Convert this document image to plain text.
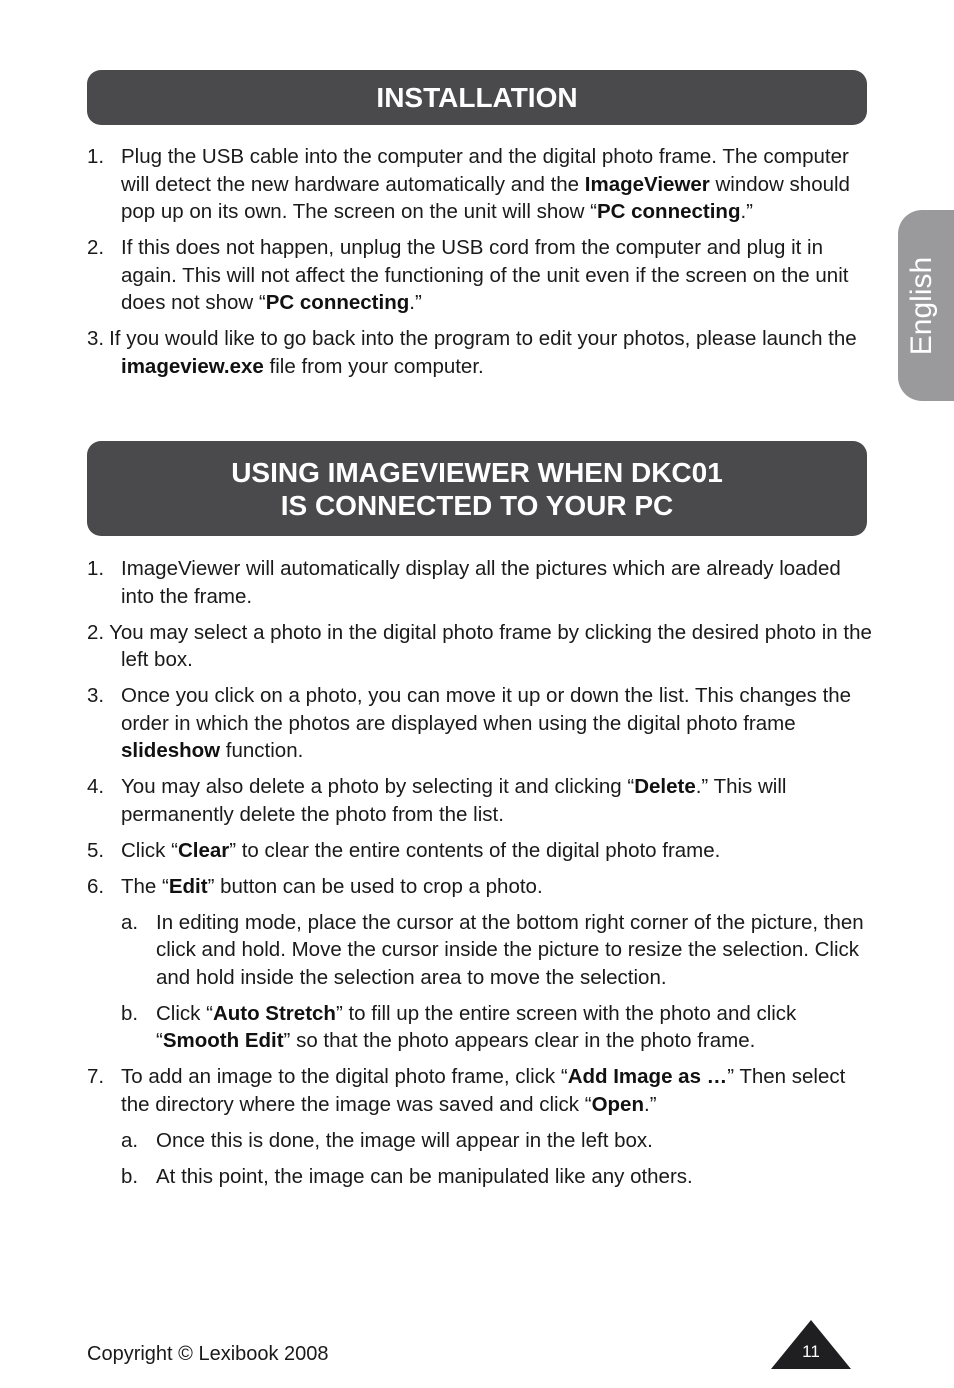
INSTALLATION
1. Plug the USB cable into the computer and the digital photo frame. The computer will detect the new hardware automatically and the ImageViewer window should pop up on its own. The screen on the unit will show “PC connecting.”
2. If this does not happen, unplug the USB cord from the computer and plug it in again. This will not affect the functioning of the unit even if the screen on the unit does not show “PC connecting.”
3. If you would like to go back into the program to edit your photos, please launch the imageview.exe file from your computer.
USING IMAGEVIEWER WHEN DKC01
IS CONNECTED TO YOUR PC
1. ImageViewer will automatically display all the pictures which are already loaded into the frame.
2. You may select a photo in the digital photo frame by clicking the desired photo in the left box.
3. Once you click on a photo, you can move it up or down the list. This changes the order in which the photos are displayed when using the digital photo frame slideshow function.
4. You may also delete a photo by selecting it and clicking “Delete.” This will permanently delete the photo from the list.
5. Click “Clear” to clear the entire contents of the digital photo frame.
6. The “Edit” button can be used to crop a photo.
a. In editing mode, place the cursor at the bottom right corner of the picture, then click and hold. Move the cursor inside the picture to resize the selection. Click and hold inside the selection area to move the selection.
b. Click “Auto Stretch” to fill up the entire screen with the photo and click “Smooth Edit” so that the photo appears clear in the photo frame.
7. To add an image to the digital photo frame, click “Add Image as …” Then select the directory where the image was saved and click “Open.”
a. Once this is done, the image will appear in the left box.
b. At this point, the image can be manipulated like any others.
English
Copyright © Lexibook 2008	11
